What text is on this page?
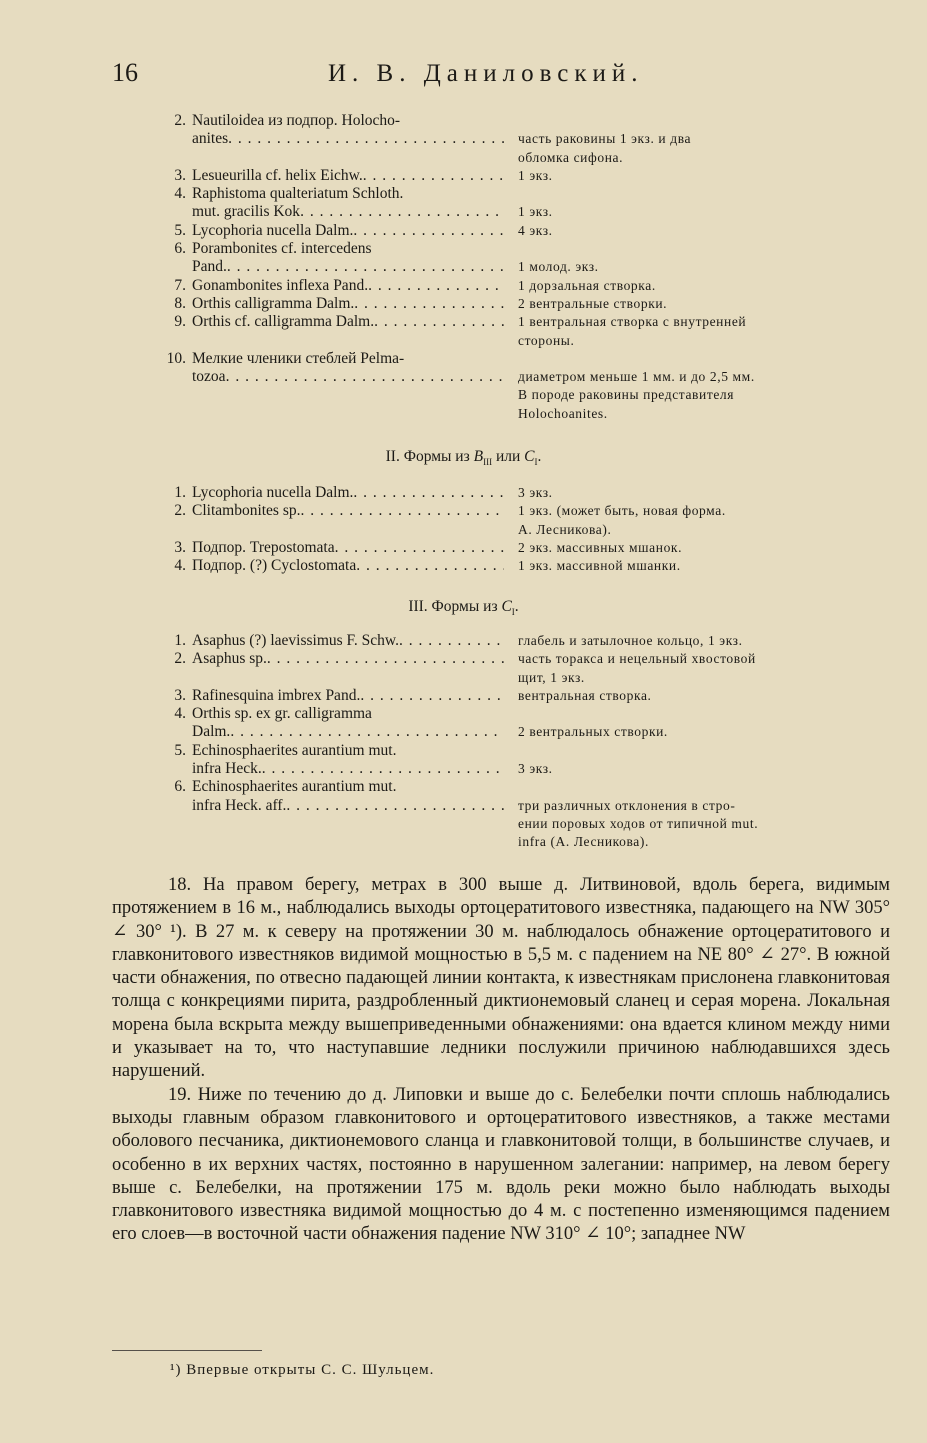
16	И. В. Даниловский.
2. Nautiloidea из подпор. Holocho-
anites . . .	часть раковины 1 экз. и два
обломка сифона.
3. Lesueurilla cf. helix Eichw. . . .	1 экз.
4. Raphistoma qualteriatum Schloth.
mut. gracilis Kok . . .	1 экз.
5. Lycophoria nucella Dalm. . . .	4 экз.
6. Porambonites cf. intercedens
Pand. . . .	1 молод. экз.
7. Gonambonites inflexa Pand. . . .	1 дорзальная створка.
8. Orthis calligramma Dalm. . . .	2 вентральные створки.
9. Orthis cf. calligramma Dalm. . . .	1 вентральная створка с внутренней
стороны.
10. Мелкие членики стеблей Pelma-
tozoa . . .	диаметром меньше 1 мм. и до 2,5 мм.
В породе раковины представителя
Holochoanites.
II. Формы из $B_{III}$ или $C_I$.
1. Lycophoria nucella Dalm. . . .	3 экз.
2. Clitambonites sp. . . .	1 экз. (может быть, новая форма.
А. Лесникова).
3. Подпор. Trepostomata . . .	2 экз. массивных мшанок.
4. Подпор. (?) Cyclostomata . . .	1 экз. массивной мшанки.
III. Формы из $C_I$.
1. Asaphus (?) laevissimus F. Schw. . . .	глабель и затылочное кольцо, 1 экз.
2. Asaphus sp. . . .	часть торакса и нецельный хвостовой
щит, 1 экз.
3. Rafinesquina imbrex Pand. . . .	вентральная створка.
4. Orthis sp. ex gr. calligramma
Dalm. . . .	2 вентральных створки.
5. Echinosphaerites aurantium mut.
infra Heck. . . .	3 экз.
6. Echinosphaerites aurantium mut.
infra Heck. aff. . . .	три различных отклонения в стро-
ении поровых ходов от типичной mut.
infra (А. Лесникова).

18. На правом берегу, метрах в 300 выше д. Литвиновой, вдоль берега, видимым протяжением в 16 м., наблюдались выходы ортоцератитового известняка, падающего на NW 305° ∠ 30° ¹). В 27 м. к северу на протяжении 30 м. наблюдалось обнажение ортоцератитового и главконитового известняков видимой мощностью в 5,5 м. с падением на NE 80° ∠ 27°. В южной части обнажения, по отвесно падающей линии контакта, к известнякам прислонена главконитовая толща с конкрециями пирита, раздробленный диктионемовый сланец и серая морена. Локальная морена была вскрыта между вышеприведенными обнажениями: она вдается клином между ними и указывает на то, что наступавшие ледники послужили причиною наблюдавшихся здесь нарушений.

19. Ниже по течению до д. Липовки и выше до с. Белебелки почти сплошь наблюдались выходы главным образом главконитового и ортоцератитового известняков, а также местами оболового песчаника, диктионемового сланца и главконитовой толщи, в большинстве случаев, и особенно в их верхних частях, постоянно в нарушенном залегании: например, на левом берегу выше с. Белебелки, на протяжении 175 м. вдоль реки можно было наблюдать выходы главконитового известняка видимой мощностью до 4 м. с постепенно изменяющимся падением его слоев—в восточной части обнажения падение NW 310° ∠ 10°; западнее NW

¹) Впервые открыты С. С. Шульцем.
